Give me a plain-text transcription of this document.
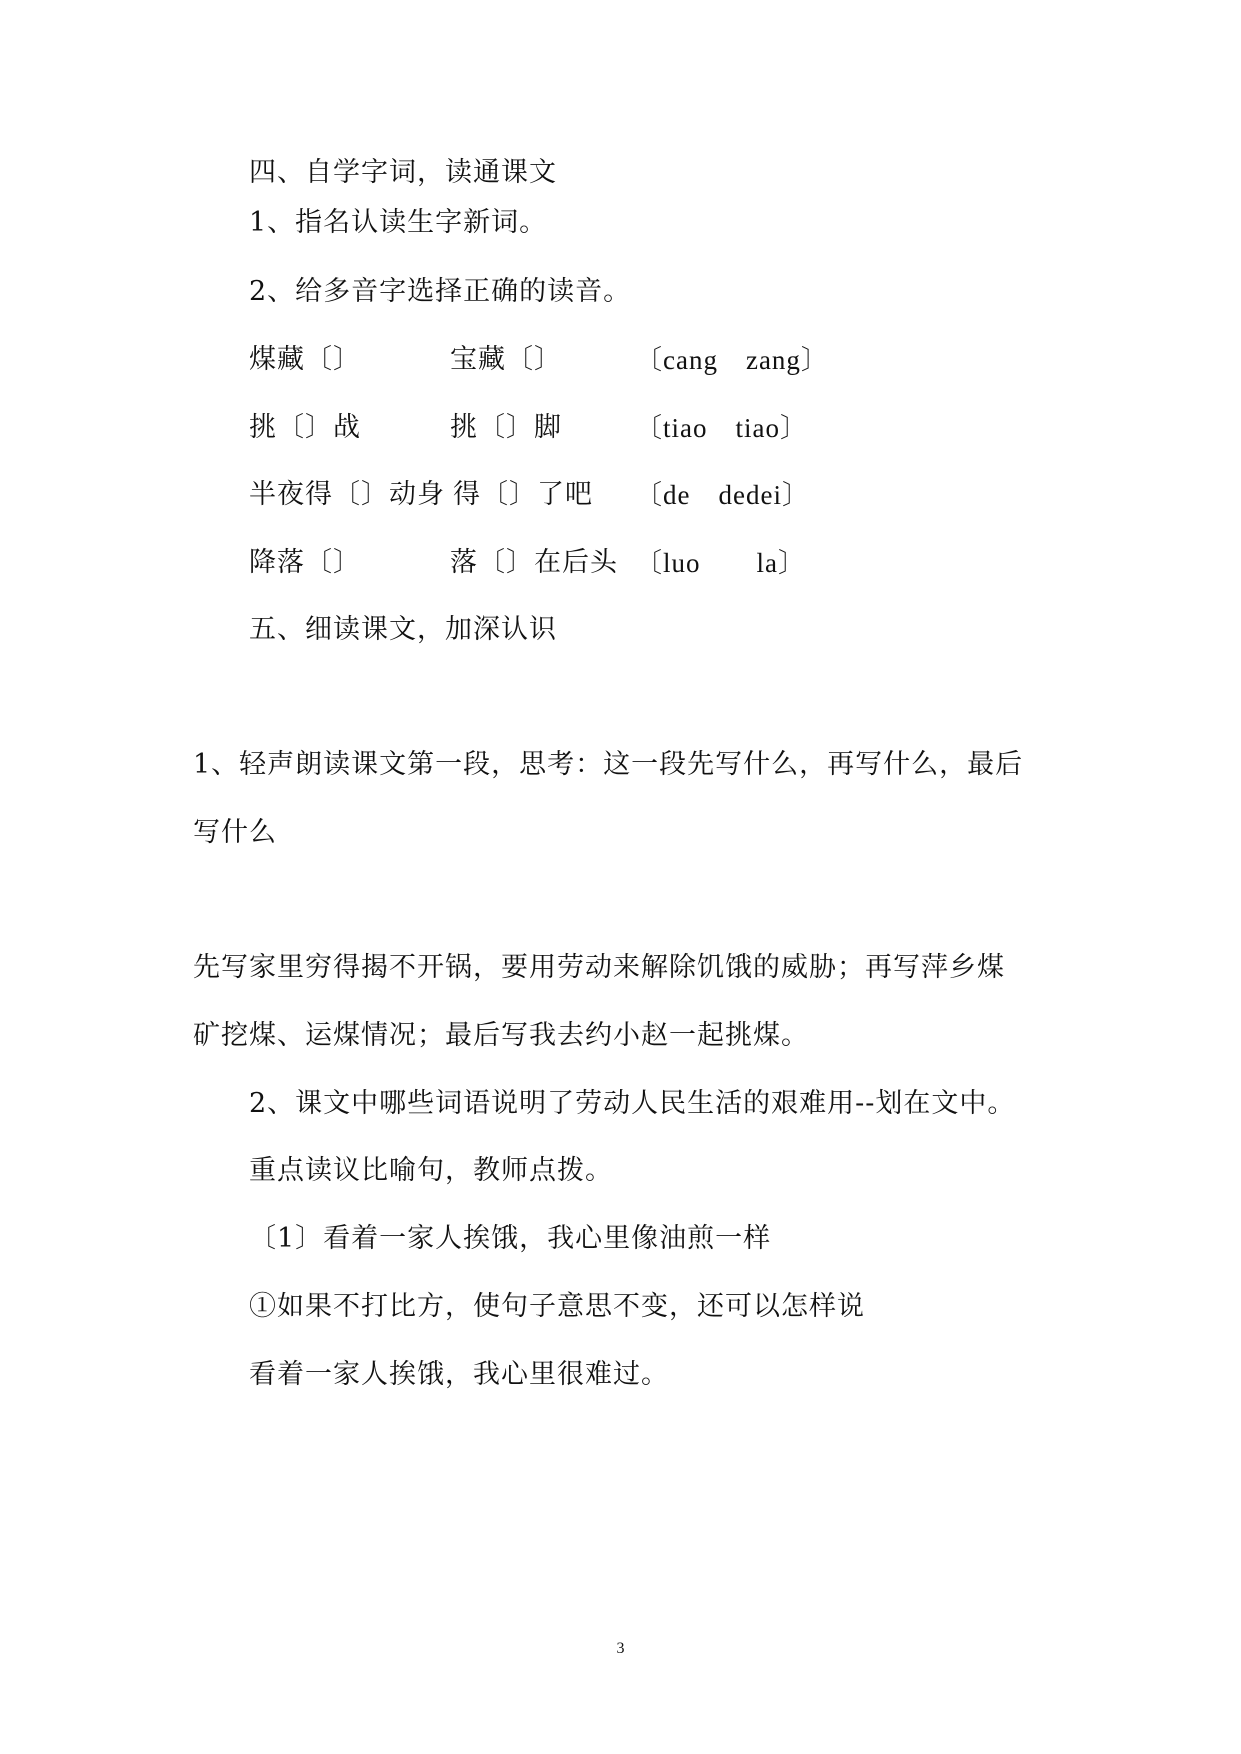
四、自学字词，读通课文
1、指名认读生字新词。
2、给多音字选择正确的读音。
煤藏〔〕	宝藏〔〕	〔cang　zang〕
挑〔〕战	挑〔〕脚	〔tiao　tiao〕
半夜得〔〕动身 得〔〕了吧 〔de　dedei〕
降落〔〕	落〔〕在后头 〔luo　　la〕
五、细读课文，加深认识
1、轻声朗读课文第一段，思考：这一段先写什么，再写什么，最后
写什么
先写家里穷得揭不开锅，要用劳动来解除饥饿的威胁；再写萍乡煤
矿挖煤、运煤情况；最后写我去约小赵一起挑煤。
2、课文中哪些词语说明了劳动人民生活的艰难用--划在文中。
重点读议比喻句，教师点拨。
〔1〕看着一家人挨饿，我心里像油煎一样
①如果不打比方，使句子意思不变，还可以怎样说
看着一家人挨饿，我心里很难过。
3
